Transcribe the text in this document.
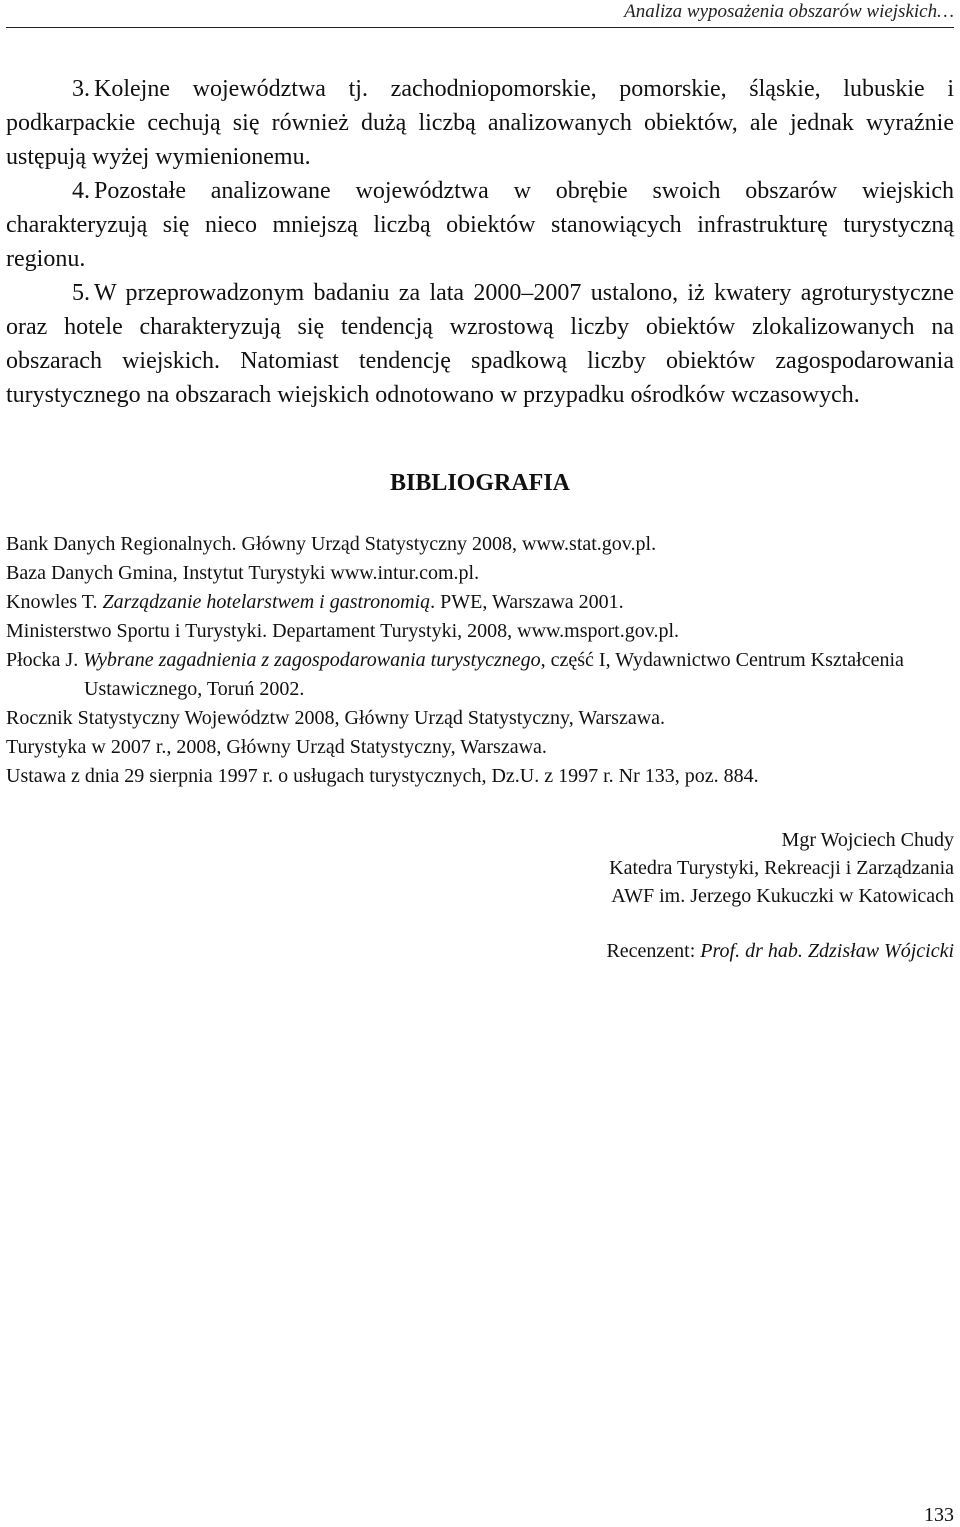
Analiza wyposażenia obszarów wiejskich…

3. Kolejne województwa tj. zachodniopomorskie, pomorskie, śląskie, lubuskie i podkarpackie cechują się również dużą liczbą analizowanych obiektów, ale jednak wyraźnie ustępują wyżej wymienionemu.

4. Pozostałe analizowane województwa w obrębie swoich obszarów wiejskich charakteryzują się nieco mniejszą liczbą obiektów stanowiących infrastrukturę turystyczną regionu.

5. W przeprowadzonym badaniu za lata 2000–2007 ustalono, iż kwatery agroturystyczne oraz hotele charakteryzują się tendencją wzrostową liczby obiektów zlokalizowanych na obszarach wiejskich. Natomiast tendencję spadkową liczby obiektów zagospodarowania turystycznego na obszarach wiejskich odnotowano w przypadku ośrodków wczasowych.

BIBLIOGRAFIA

Bank Danych Regionalnych. Główny Urząd Statystyczny 2008, www.stat.gov.pl.

Baza Danych Gmina, Instytut Turystyki www.intur.com.pl.

Knowles T. Zarządzanie hotelarstwem i gastronomią. PWE, Warszawa 2001.

Ministerstwo Sportu i Turystyki. Departament Turystyki, 2008, www.msport.gov.pl.

Płocka J. Wybrane zagadnienia z zagospodarowania turystycznego, część I, Wydawnictwo Centrum Kształcenia Ustawicznego, Toruń 2002.

Rocznik Statystyczny Województw 2008, Główny Urząd Statystyczny, Warszawa.

Turystyka w 2007 r., 2008, Główny Urząd Statystyczny, Warszawa.

Ustawa z dnia 29 sierpnia 1997 r. o usługach turystycznych, Dz.U. z 1997 r. Nr 133, poz. 884.

Mgr Wojciech Chudy
Katedra Turystyki, Rekreacji i Zarządzania
AWF im. Jerzego Kukuczki w Katowicach
Recenzent: Prof. dr hab. Zdzisław Wójcicki
133
